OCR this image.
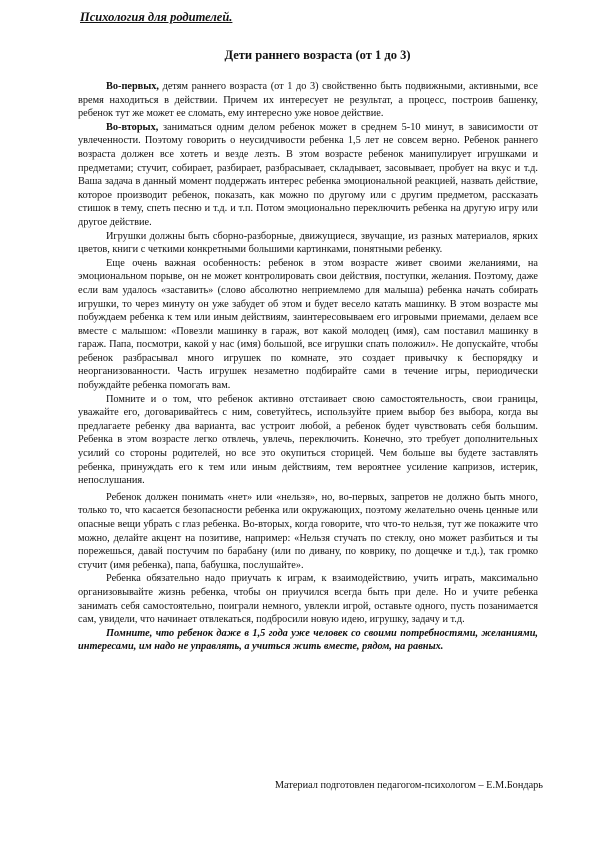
Психология для родителей.
Дети раннего возраста (от 1 до 3)

Во-первых, детям раннего возраста (от 1 до 3) свойственно быть подвижными, активными, все время находиться в действии. Причем их интересует не результат, а процесс, построив башенку, ребенок тут же может ее сломать, ему интересно уже новое действие.

Во-вторых, заниматься одним делом ребенок может в среднем 5-10 минут, в зависимости от увлеченности. Поэтому говорить о неусидчивости ребенка 1,5 лет не совсем верно. Ребенок раннего возраста должен все хотеть и везде лезть. В этом возрасте ребенок манипулирует игрушками и предметами; стучит, собирает, разбирает, разбрасывает, складывает, засовывает, пробует на вкус и т.д. Ваша задача в данный момент поддержать интерес ребенка эмоциональной реакцией, назвать действие, которое производит ребенок, показать, как можно по другому или с другим предметом, рассказать стишок в тему, спеть песню и т.д. и т.п. Потом эмоционально переключить ребенка на другую игру или другое действие.

Игрушки должны быть сборно-разборные, движущиеся, звучащие, из разных материалов, ярких цветов, книги с четкими конкретными большими картинками, понятными ребенку.

Еще очень важная особенность: ребенок в этом возрасте живет своими желаниями, на эмоциональном порыве, он не может контролировать свои действия, поступки, желания. Поэтому, даже если вам удалось «заставить» (слово абсолютно неприемлемо для малыша) ребенка начать собирать игрушки, то через минуту он уже забудет об этом и будет весело катать машинку. В этом возрасте мы побуждаем ребенка к тем или иным действиям, заинтересовываем его игровыми приемами, делаем все вместе с малышом: «Повезли машинку в гараж, вот какой молодец (имя), сам поставил машинку в гараж. Папа, посмотри, какой у нас (имя) большой, все игрушки спать положил». Не допускайте, чтобы ребенок разбрасывал много игрушек по комнате, это создает привычку к беспорядку и неорганизованности. Часть игрушек незаметно подбирайте сами в течение игры, периодически побуждайте ребенка помогать вам.

Помните и о том, что ребенок активно отстаивает свою самостоятельность, свои границы, уважайте его, договаривайтесь с ним, советуйтесь, используйте прием выбор без выбора, когда вы предлагаете ребенку два варианта, вас устроит любой, а ребенок будет чувствовать себя большим. Ребенка в этом возрасте легко отвлечь, увлечь, переключить. Конечно, это требует дополнительных усилий со стороны родителей, но все это окупиться сторицей. Чем больше вы будете заставлять ребенка, принуждать его к тем или иным действиям, тем вероятнее усиление капризов, истерик, непослушания.

Ребенок должен понимать «нет» или «нельзя», но, во-первых, запретов не должно быть много, только то, что касается безопасности ребенка или окружающих, поэтому желательно очень ценные или опасные вещи убрать с глаз ребенка. Во-вторых, когда говорите, что что-то нельзя, тут же покажите что можно, делайте акцент на позитиве, например: «Нельзя стучать по стеклу, оно может разбиться и ты порежешься, давай постучим по барабану (или по дивану, по коврику, по дощечке и т.д.), так громко стучит (имя ребенка), папа, бабушка, послушайте».

Ребенка обязательно надо приучать к играм, к взаимодействию, учить играть, максимально организовывайте жизнь ребенка, чтобы он приучился всегда быть при деле. Но и учите ребенка занимать себя самостоятельно, поиграли немного, увлекли игрой, оставьте одного, пусть позанимается сам, увидели, что начинает отвлекаться, подбросили новую идею, игрушку, задачу и т.д.

Помните, что ребенок даже в 1,5 года уже человек со своими потребностями, желаниями, интересами, им надо не управлять, а учиться жить вместе, рядом, на равных.

Материал подготовлен педагогом-психологом – Е.М.Бондарь
